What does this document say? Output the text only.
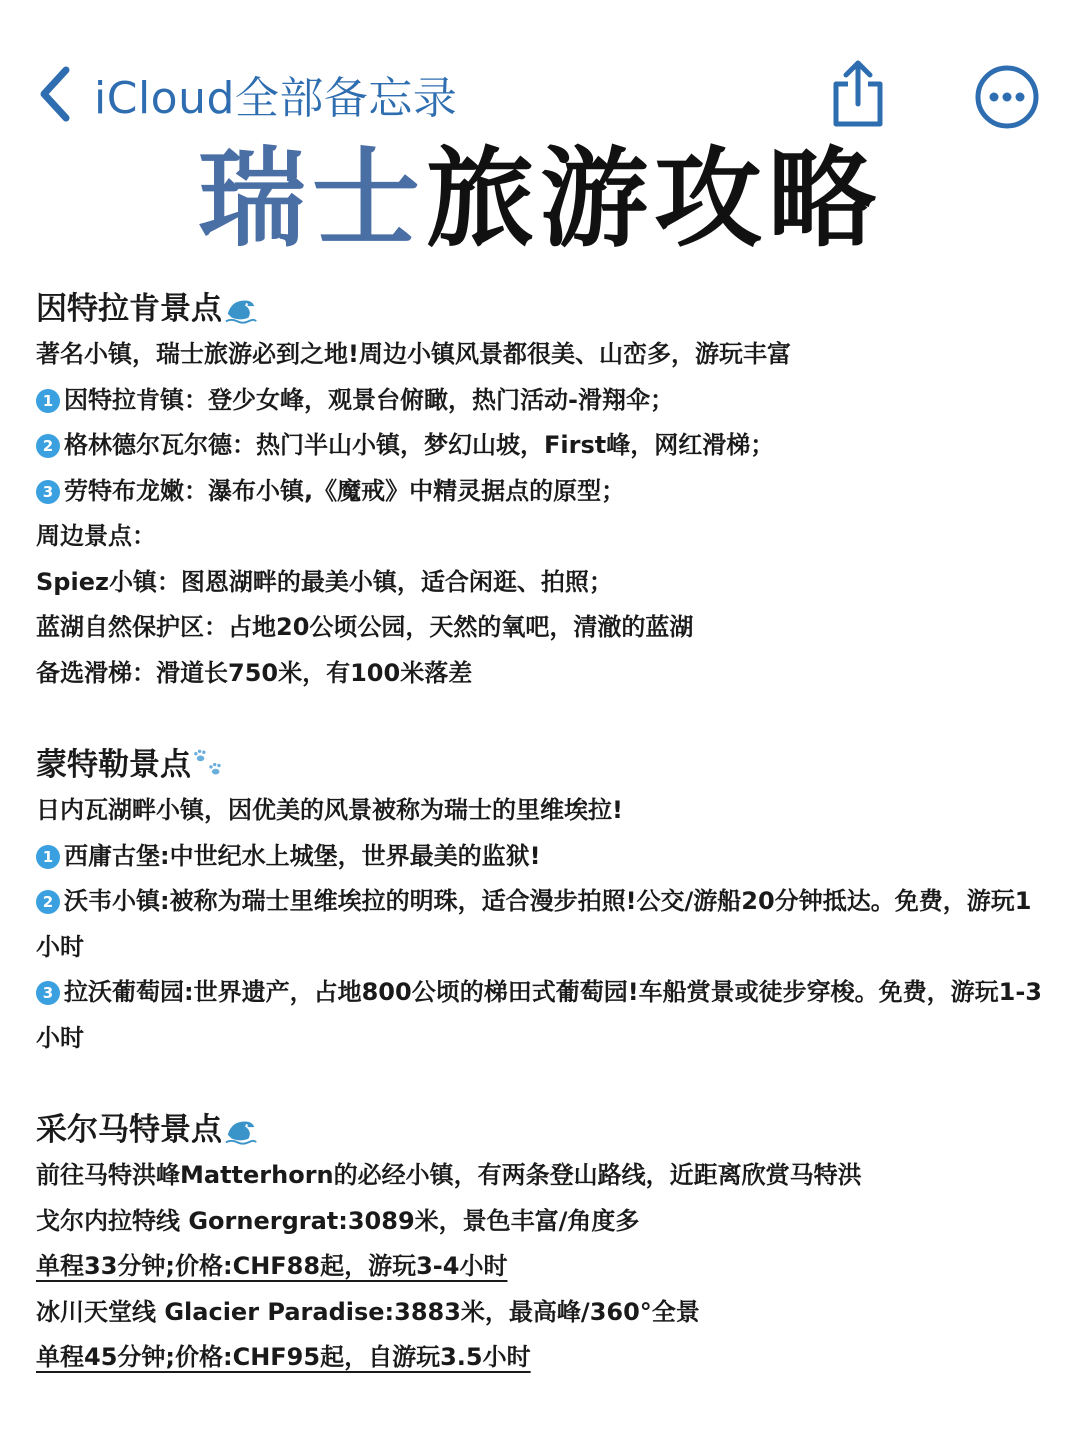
iCloud全部备忘录
瑞士旅游攻略
因特拉肯景点
著名小镇，瑞士旅游必到之地!周边小镇风景都很美、山峦多，游玩丰富
1 因特拉肯镇：登少女峰，观景台俯瞰，热门活动-滑翔伞；
2 格林德尔瓦尔德：热门半山小镇，梦幻山坡，First峰，网红滑梯；
3 劳特布龙嫩：瀑布小镇,《魔戒》中精灵据点的原型；
周边景点：
Spiez小镇：图恩湖畔的最美小镇，适合闲逛、拍照；
蓝湖自然保护区：占地20公顷公园，天然的氧吧，清澈的蓝湖
备选滑梯：滑道长750米，有100米落差
蒙特勒景点
日内瓦湖畔小镇，因优美的风景被称为瑞士的里维埃拉!
1 西庸古堡:中世纪水上城堡，世界最美的监狱!
2 沃韦小镇:被称为瑞士里维埃拉的明珠，适合漫步拍照!公交/游船20分钟抵达。免费，游玩1小时
3 拉沃葡萄园:世界遗产，占地800公顷的梯田式葡萄园!车船赏景或徒步穿梭。免费，游玩1-3小时
采尔马特景点
前往马特洪峰Matterhorn的必经小镇，有两条登山路线，近距离欣赏马特洪
戈尔内拉特线 Gornergrat:3089米，景色丰富/角度多
单程33分钟;价格:CHF88起，游玩3-4小时
冰川天堂线 Glacier Paradise:3883米，最高峰/360°全景
单程45分钟;价格:CHF95起，自游玩3.5小时
